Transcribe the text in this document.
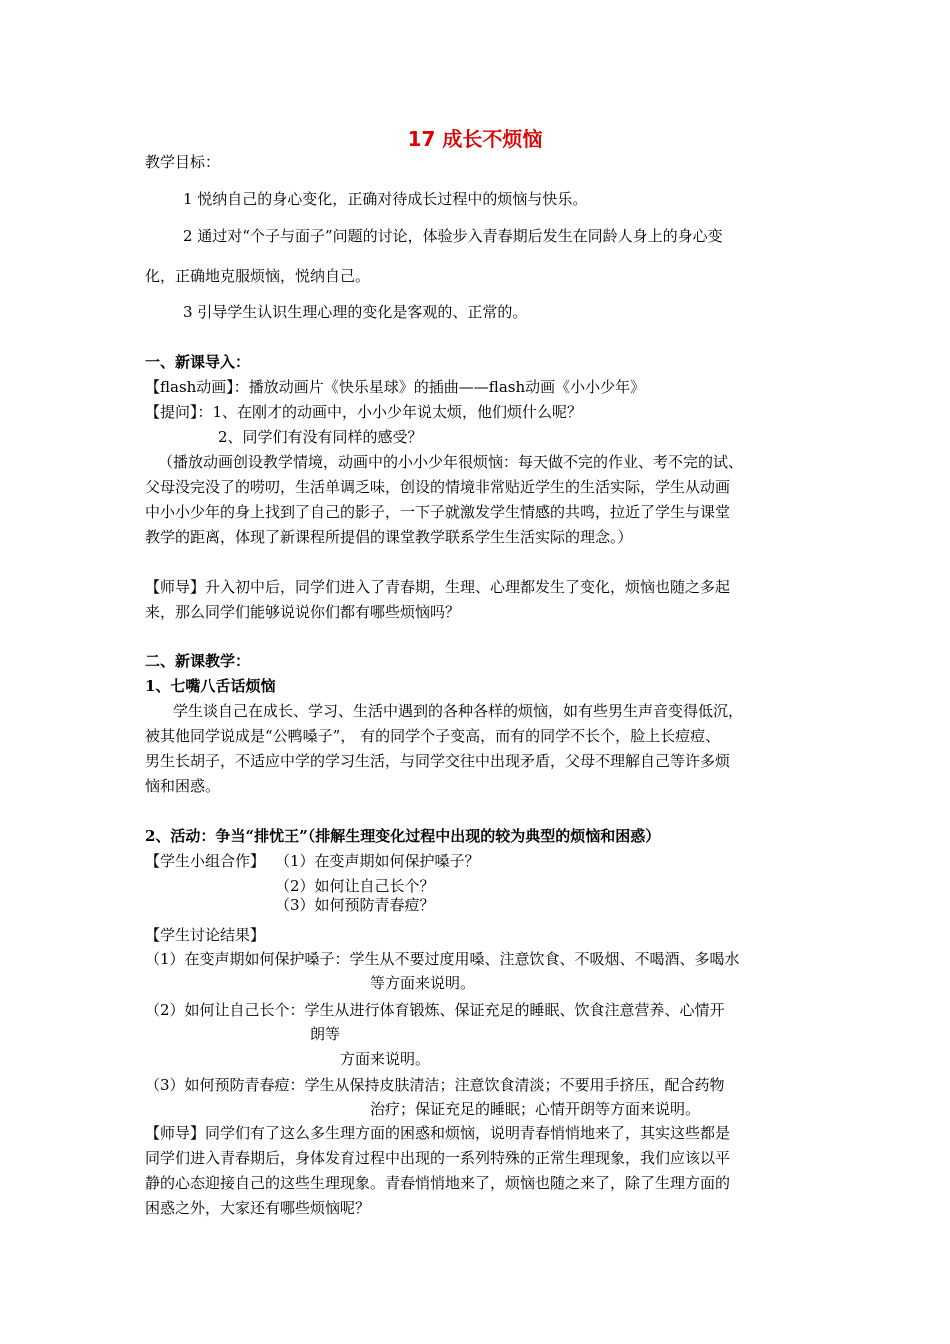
17 成长不烦恼
教学目标：
1 悦纳自己的身心变化，正确对待成长过程中的烦恼与快乐。
2 通过对“个子与面子”问题的讨论，体验步入青春期后发生在同龄人身上的身心变
化，正确地克服烦恼，悦纳自己。
3 引导学生认识生理心理的变化是客观的、正常的。
一、新课导入：
【flash动画】：播放动画片《快乐星球》的插曲——flash动画《小小少年》
【提问】：1、在刚才的动画中，小小少年说太烦，他们烦什么呢？
2、同学们有没有同样的感受？
（播放动画创设教学情境，动画中的小小少年很烦恼：每天做不完的作业、考不完的试、
父母没完没了的唠叨，生活单调乏味，创设的情境非常贴近学生的生活实际，学生从动画
中小小少年的身上找到了自己的影子，一下子就激发学生情感的共鸣，拉近了学生与课堂
教学的距离，体现了新课程所提倡的课堂教学联系学生生活实际的理念。）
【师导】升入初中后，同学们进入了青春期，生理、心理都发生了变化，烦恼也随之多起
来，那么同学们能够说说你们都有哪些烦恼吗？
二、新课教学：
1、七嘴八舌话烦恼
学生谈自己在成长、学习、生活中遇到的各种各样的烦恼，如有些男生声音变得低沉，
被其他同学说成是“公鸭嗓子”， 有的同学个子变高，而有的同学不长个，脸上长痘痘、
男生长胡子，不适应中学的学习生活，与同学交往中出现矛盾，父母不理解自己等许多烦
恼和困惑。
2、活动：争当“排忧王”（排解生理变化过程中出现的较为典型的烦恼和困惑）
【学生小组合作】 （1）在变声期如何保护嗓子？
（2）如何让自己长个？
（3）如何预防青春痘？
【学生讨论结果】
（1）在变声期如何保护嗓子：学生从不要过度用嗓、注意饮食、不吸烟、不喝酒、多喝水
等方面来说明。
（2）如何让自己长个：学生从进行体育锻炼、保证充足的睡眠、饮食注意营养、心情开
朗等
方面来说明。
（3）如何预防青春痘：学生从保持皮肤清洁；注意饮食清淡；不要用手挤压，配合药物
治疗；保证充足的睡眠；心情开朗等方面来说明。
【师导】同学们有了这么多生理方面的困惑和烦恼，说明青春悄悄地来了，其实这些都是
同学们进入青春期后，身体发育过程中出现的一系列特殊的正常生理现象，我们应该以平
静的心态迎接自己的这些生理现象。青春悄悄地来了，烦恼也随之来了，除了生理方面的
困惑之外，大家还有哪些烦恼呢？
